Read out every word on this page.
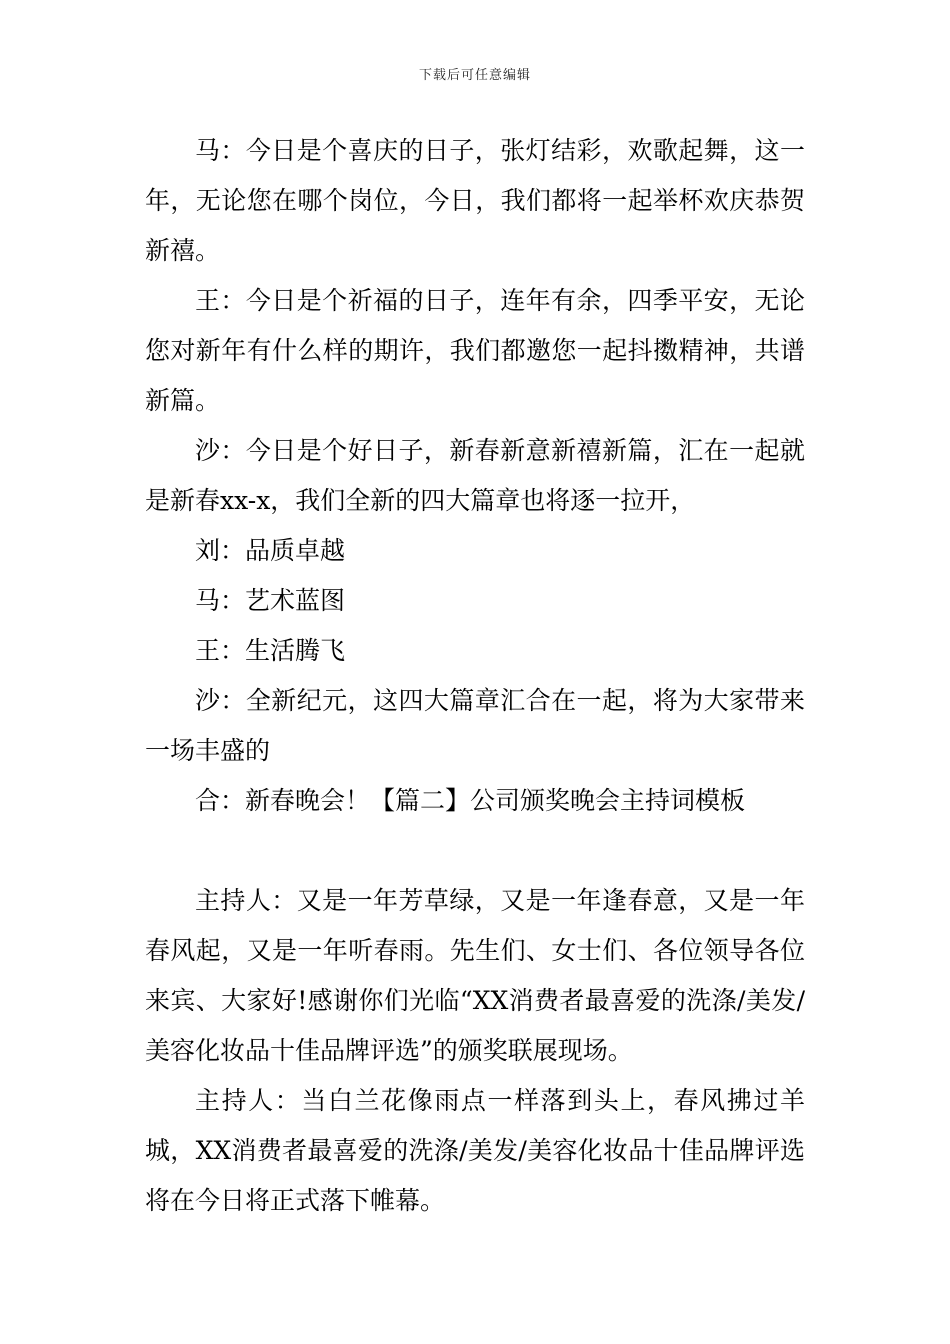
下载后可任意编辑

马：今日是个喜庆的日子，张灯结彩，欢歌起舞，这一年，无论您在哪个岗位，今日，我们都将一起举杯欢庆恭贺新禧。

王：今日是个祈福的日子，连年有余，四季平安，无论您对新年有什么样的期许，我们都邀您一起抖擞精神，共谱新篇。

沙：今日是个好日子，新春新意新禧新篇，汇在一起就是新春xx-x，我们全新的四大篇章也将逐一拉开，

刘：品质卓越

马：艺术蓝图

王：生活腾飞

沙：全新纪元，这四大篇章汇合在一起，将为大家带来一场丰盛的

合：新春晚会！【篇二】公司颁奖晚会主持词模板

主持人：又是一年芳草绿，又是一年逢春意，又是一年春风起，又是一年听春雨。先生们、女士们、各位领导各位来宾、大家好!感谢你们光临“XX消费者最喜爱的洗涤/美发/美容化妆品十佳品牌评选”的颁奖联展现场。

主持人：当白兰花像雨点一样落到头上，春风拂过羊城，XX消费者最喜爱的洗涤/美发/美容化妆品十佳品牌评选将在今日将正式落下帷幕。
